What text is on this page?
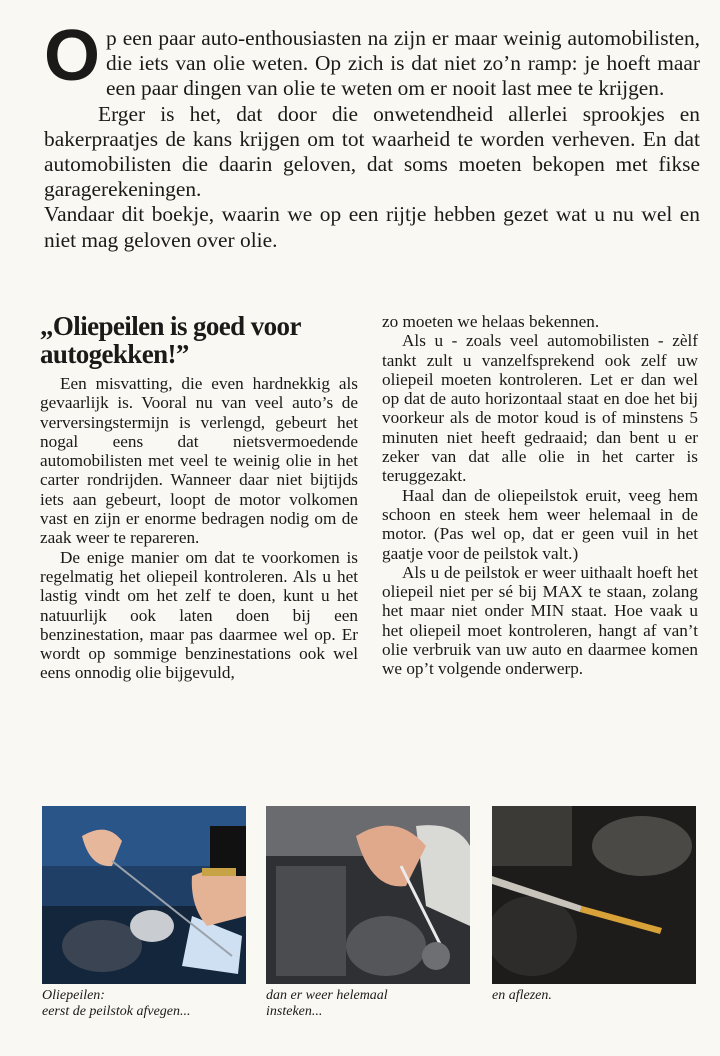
Op een paar auto-enthousiasten na zijn er maar weinig automobilisten, die iets van olie weten. Op zich is dat niet zo’n ramp: je hoeft maar een paar dingen van olie te weten om er nooit last mee te krijgen.

Erger is het, dat door die onwetendheid allerlei sprookjes en bakerpraatjes de kans krijgen om tot waarheid te worden verheven. En dat automobilisten die daarin geloven, dat soms moeten bekopen met fikse garagerekeningen.

Vandaar dit boekje, waarin we op een rijtje hebben gezet wat u nu wel en niet mag geloven over olie.

„Oliepeilen is goed voor autogekken!”

Een misvatting, die even hardnekkig als gevaarlijk is. Vooral nu van veel auto’s de verversingstermijn is verlengd, gebeurt het nogal eens dat nietsvermoedende automobilisten met veel te weinig olie in het carter rondrijden. Wanneer daar niet bijtijds iets aan gebeurt, loopt de motor volkomen vast en zijn er enorme bedragen nodig om de zaak weer te repareren.

De enige manier om dat te voorkomen is regelmatig het oliepeil kontroleren. Als u het lastig vindt om het zelf te doen, kunt u het natuurlijk ook laten doen bij een benzinestation, maar pas daarmee wel op. Er wordt op sommige benzinestations ook wel eens onnodig olie bijgevuld,

zo moeten we helaas bekennen.

Als u - zoals veel automobilisten - zèlf tankt zult u vanzelfsprekend ook zelf uw oliepeil moeten kontroleren. Let er dan wel op dat de auto horizontaal staat en doe het bij voorkeur als de motor koud is of minstens 5 minuten niet heeft gedraaid; dan bent u er zeker van dat alle olie in het carter is teruggezakt.

Haal dan de oliepeilstok eruit, veeg hem schoon en steek hem weer helemaal in de motor. (Pas wel op, dat er geen vuil in het gaatje voor de peilstok valt.)

Als u de peilstok er weer uithaalt hoeft het oliepeil niet per sé bij MAX te staan, zolang het maar niet onder MIN staat. Hoe vaak u het oliepeil moet kontroleren, hangt af van’t olie verbruik van uw auto en daarmee komen we op’t volgende onderwerp.

Oliepeilen:
eerst de peilstok afvegen...
dan er weer helemaal
insteken...
en aflezen.
